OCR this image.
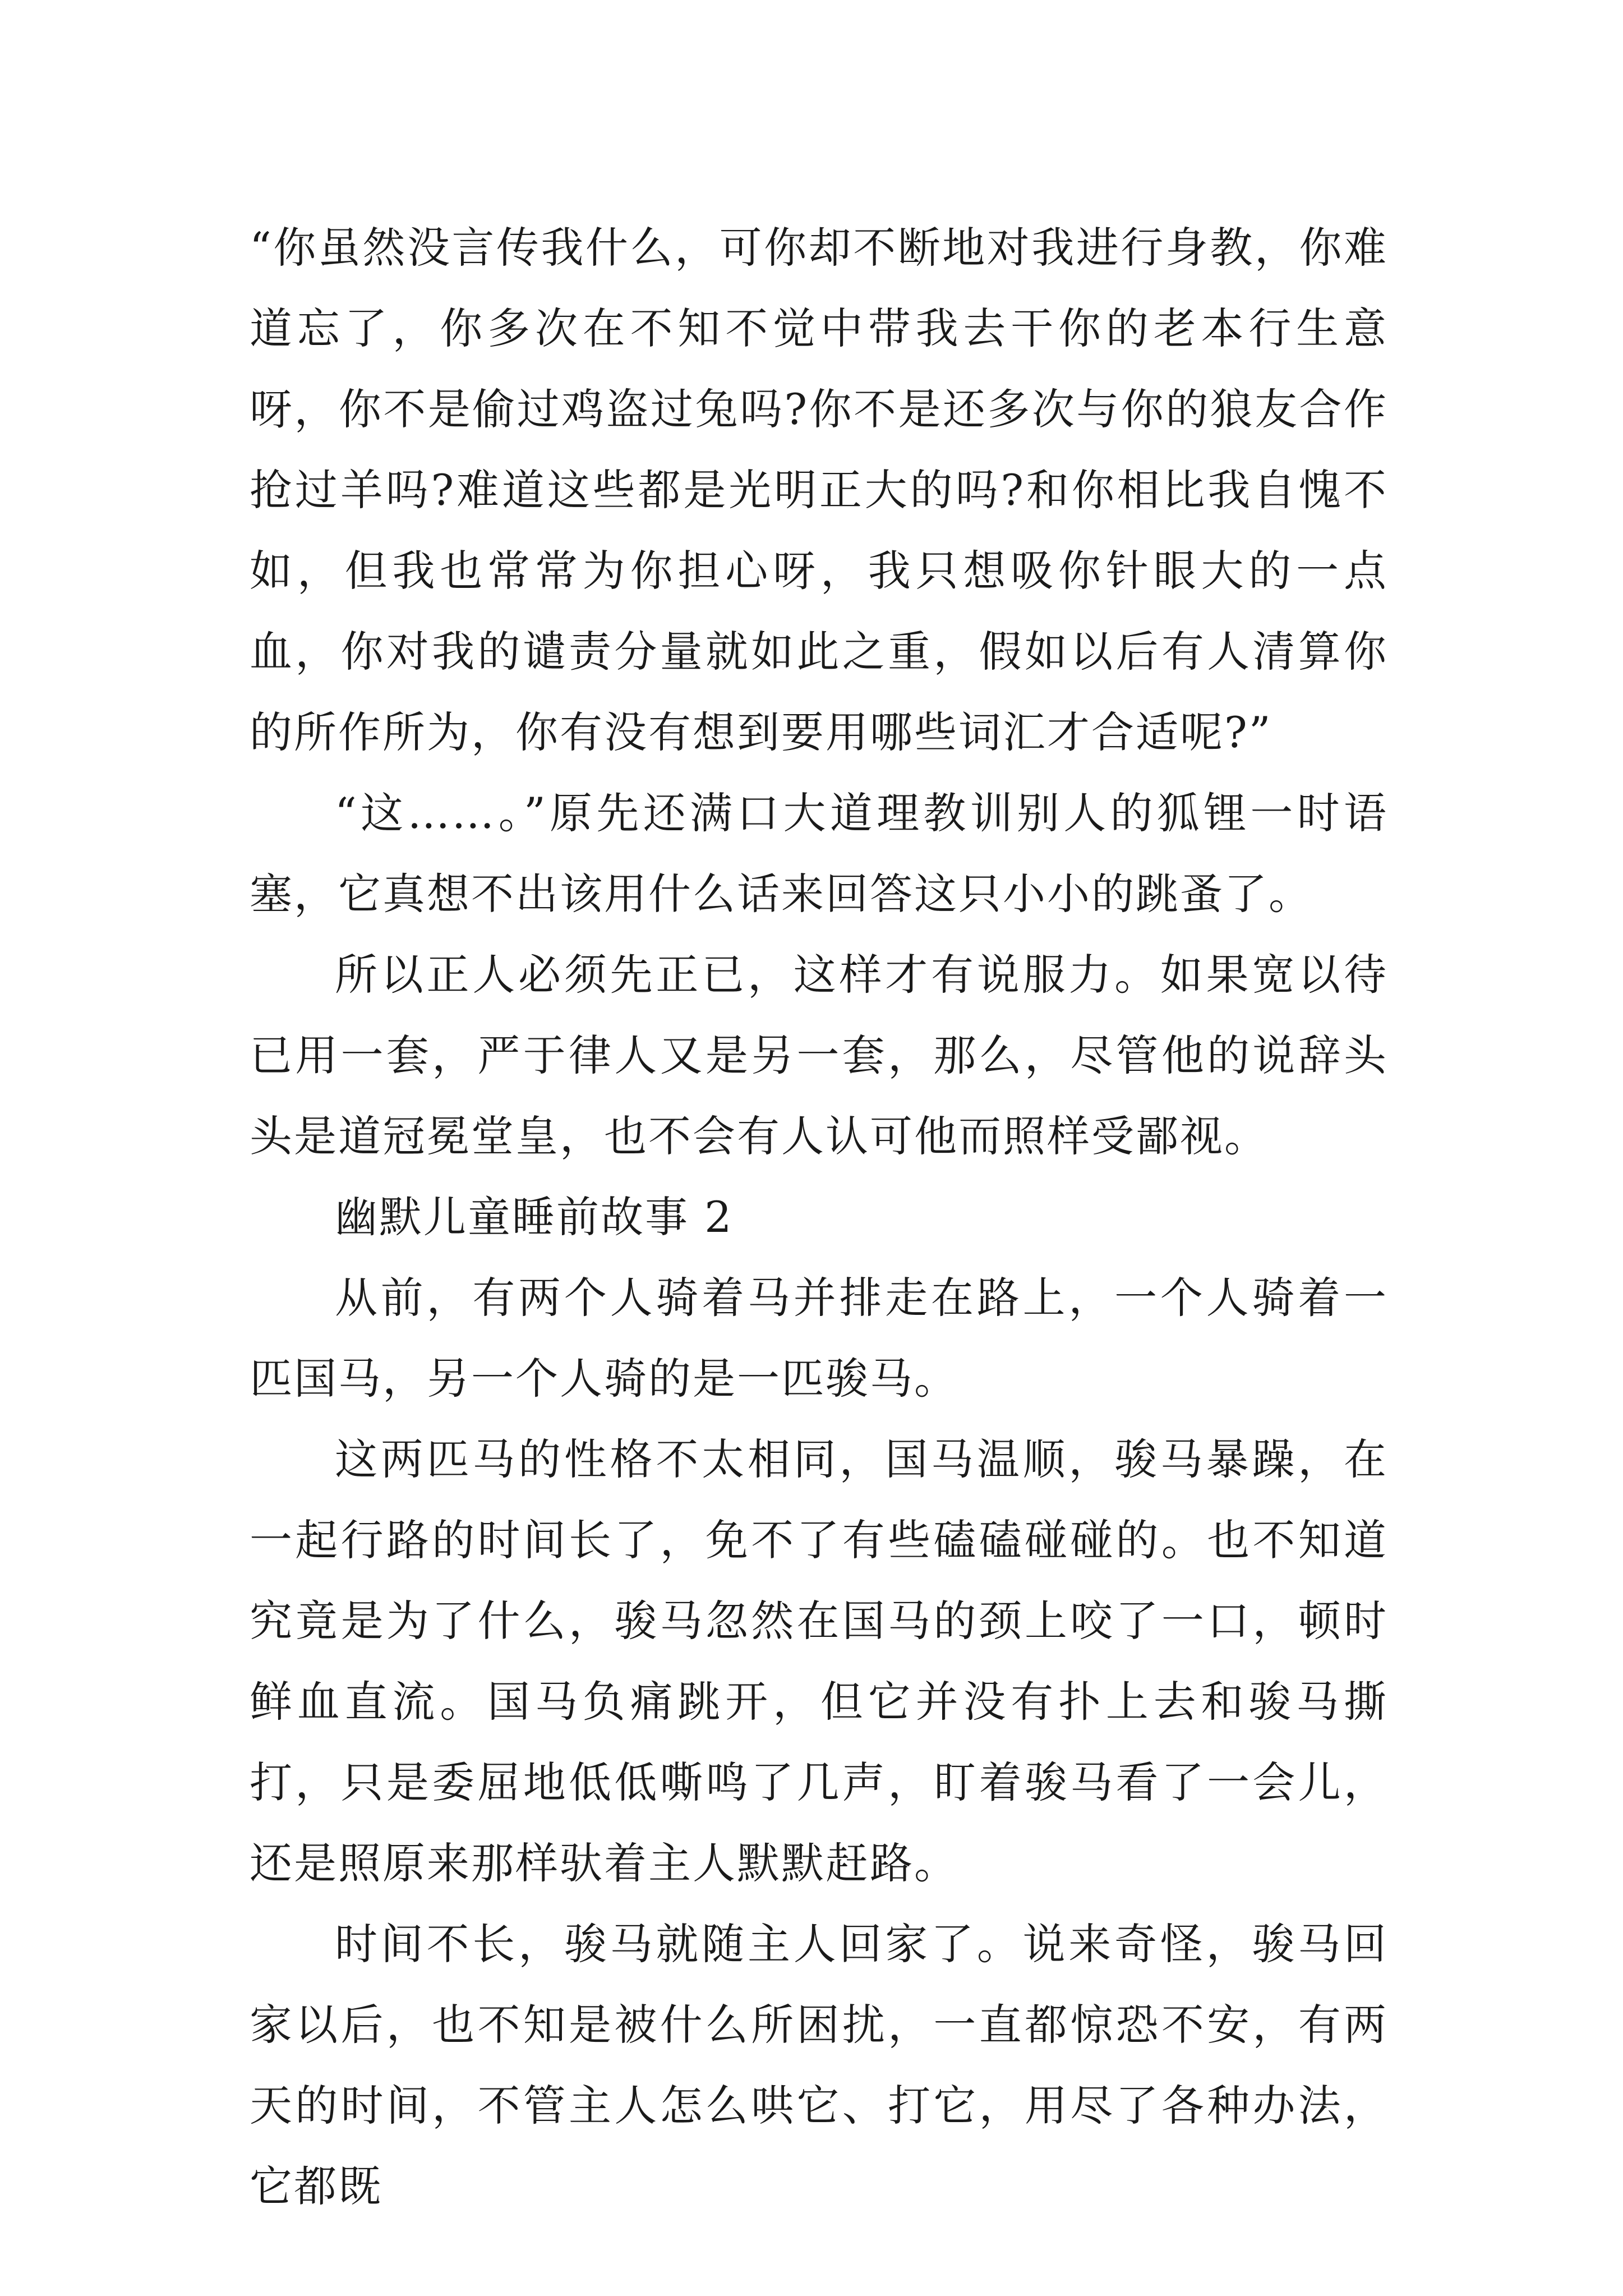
“你虽然没言传我什么，可你却不断地对我进行身教，你难道忘了，你多次在不知不觉中带我去干你的老本行生意呀，你不是偷过鸡盗过兔吗?你不是还多次与你的狼友合作抢过羊吗?难道这些都是光明正大的吗?和你相比我自愧不如，但我也常常为你担心呀，我只想吸你针眼大的一点血，你对我的谴责分量就如此之重，假如以后有人清算你的所作所为，你有没有想到要用哪些词汇才合适呢?”

“这……。”原先还满口大道理教训别人的狐锂一时语塞，它真想不出该用什么话来回答这只小小的跳蚤了。

所以正人必须先正已，这样才有说服力。如果宽以待已用一套，严于律人又是另一套，那么，尽管他的说辞头头是道冠冕堂皇，也不会有人认可他而照样受鄙视。

幽默儿童睡前故事 2

从前，有两个人骑着马并排走在路上，一个人骑着一匹国马，另一个人骑的是一匹骏马。

这两匹马的性格不太相同，国马温顺，骏马暴躁，在一起行路的时间长了，免不了有些磕磕碰碰的。也不知道究竟是为了什么，骏马忽然在国马的颈上咬了一口，顿时鲜血直流。国马负痛跳开，但它并没有扑上去和骏马撕打，只是委屈地低低嘶鸣了几声，盯着骏马看了一会儿，还是照原来那样驮着主人默默赶路。

时间不长，骏马就随主人回家了。说来奇怪，骏马回家以后，也不知是被什么所困扰，一直都惊恐不安，有两天的时间，不管主人怎么哄它、打它，用尽了各种办法，它都既
